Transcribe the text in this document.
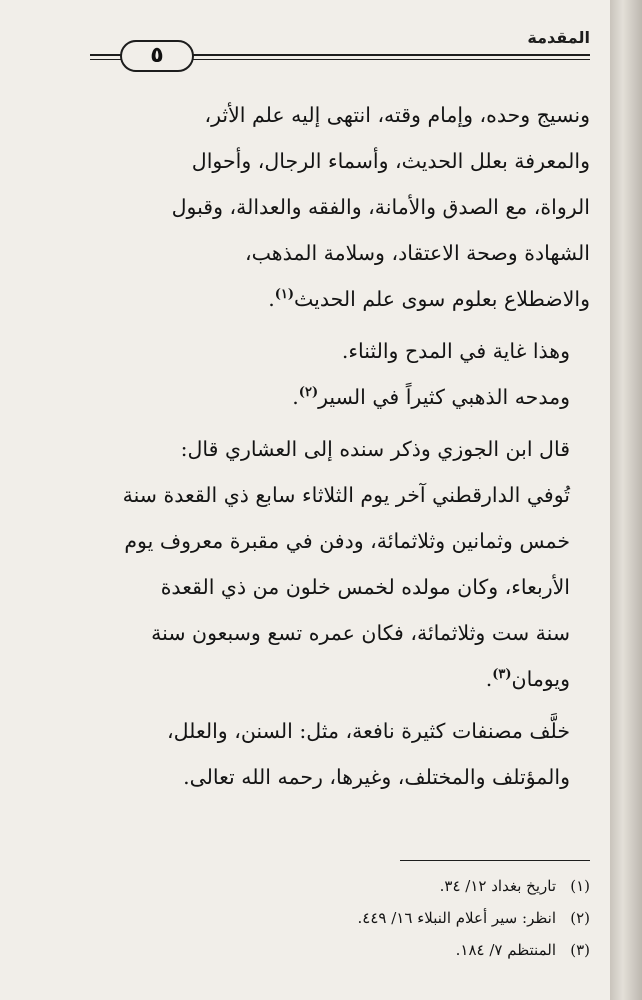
المقدمة
٥

ونسيج وحده، وإمام وقته، انتهى إليه علم الأثر،
والمعرفة بعلل الحديث، وأسماء الرجال، وأحوال
الرواة، مع الصدق والأمانة، والفقه والعدالة، وقبول
الشهادة وصحة الاعتقاد، وسلامة المذهب،
والاضطلاع بعلوم سوى علم الحديث$^{(١)}$.

وهذا غاية في المدح والثناء.

ومدحه الذهبي كثيراً في السير$^{(٢)}$.

قال ابن الجوزي وذكر سنده إلى العشاري قال:
تُوفي الدارقطني آخر يوم الثلاثاء سابع ذي القعدة سنة
خمس وثمانين وثلاثمائة، ودفن في مقبرة معروف يوم
الأربعاء، وكان مولده لخمس خلون من ذي القعدة
سنة ست وثلاثمائة، فكان عمره تسع وسبعون سنة
ويومان$^{(٣)}$.

خلَّف مصنفات كثيرة نافعة، مثل: السنن، والعلل،
والمؤتلف والمختلف، وغيرها، رحمه الله تعالى.

(١)تاريخ بغداد ١٢/ ٣٤.
(٢)انظر: سير أعلام النبلاء ١٦/ ٤٤٩.
(٣)المنتظم ٧/ ١٨٤.
